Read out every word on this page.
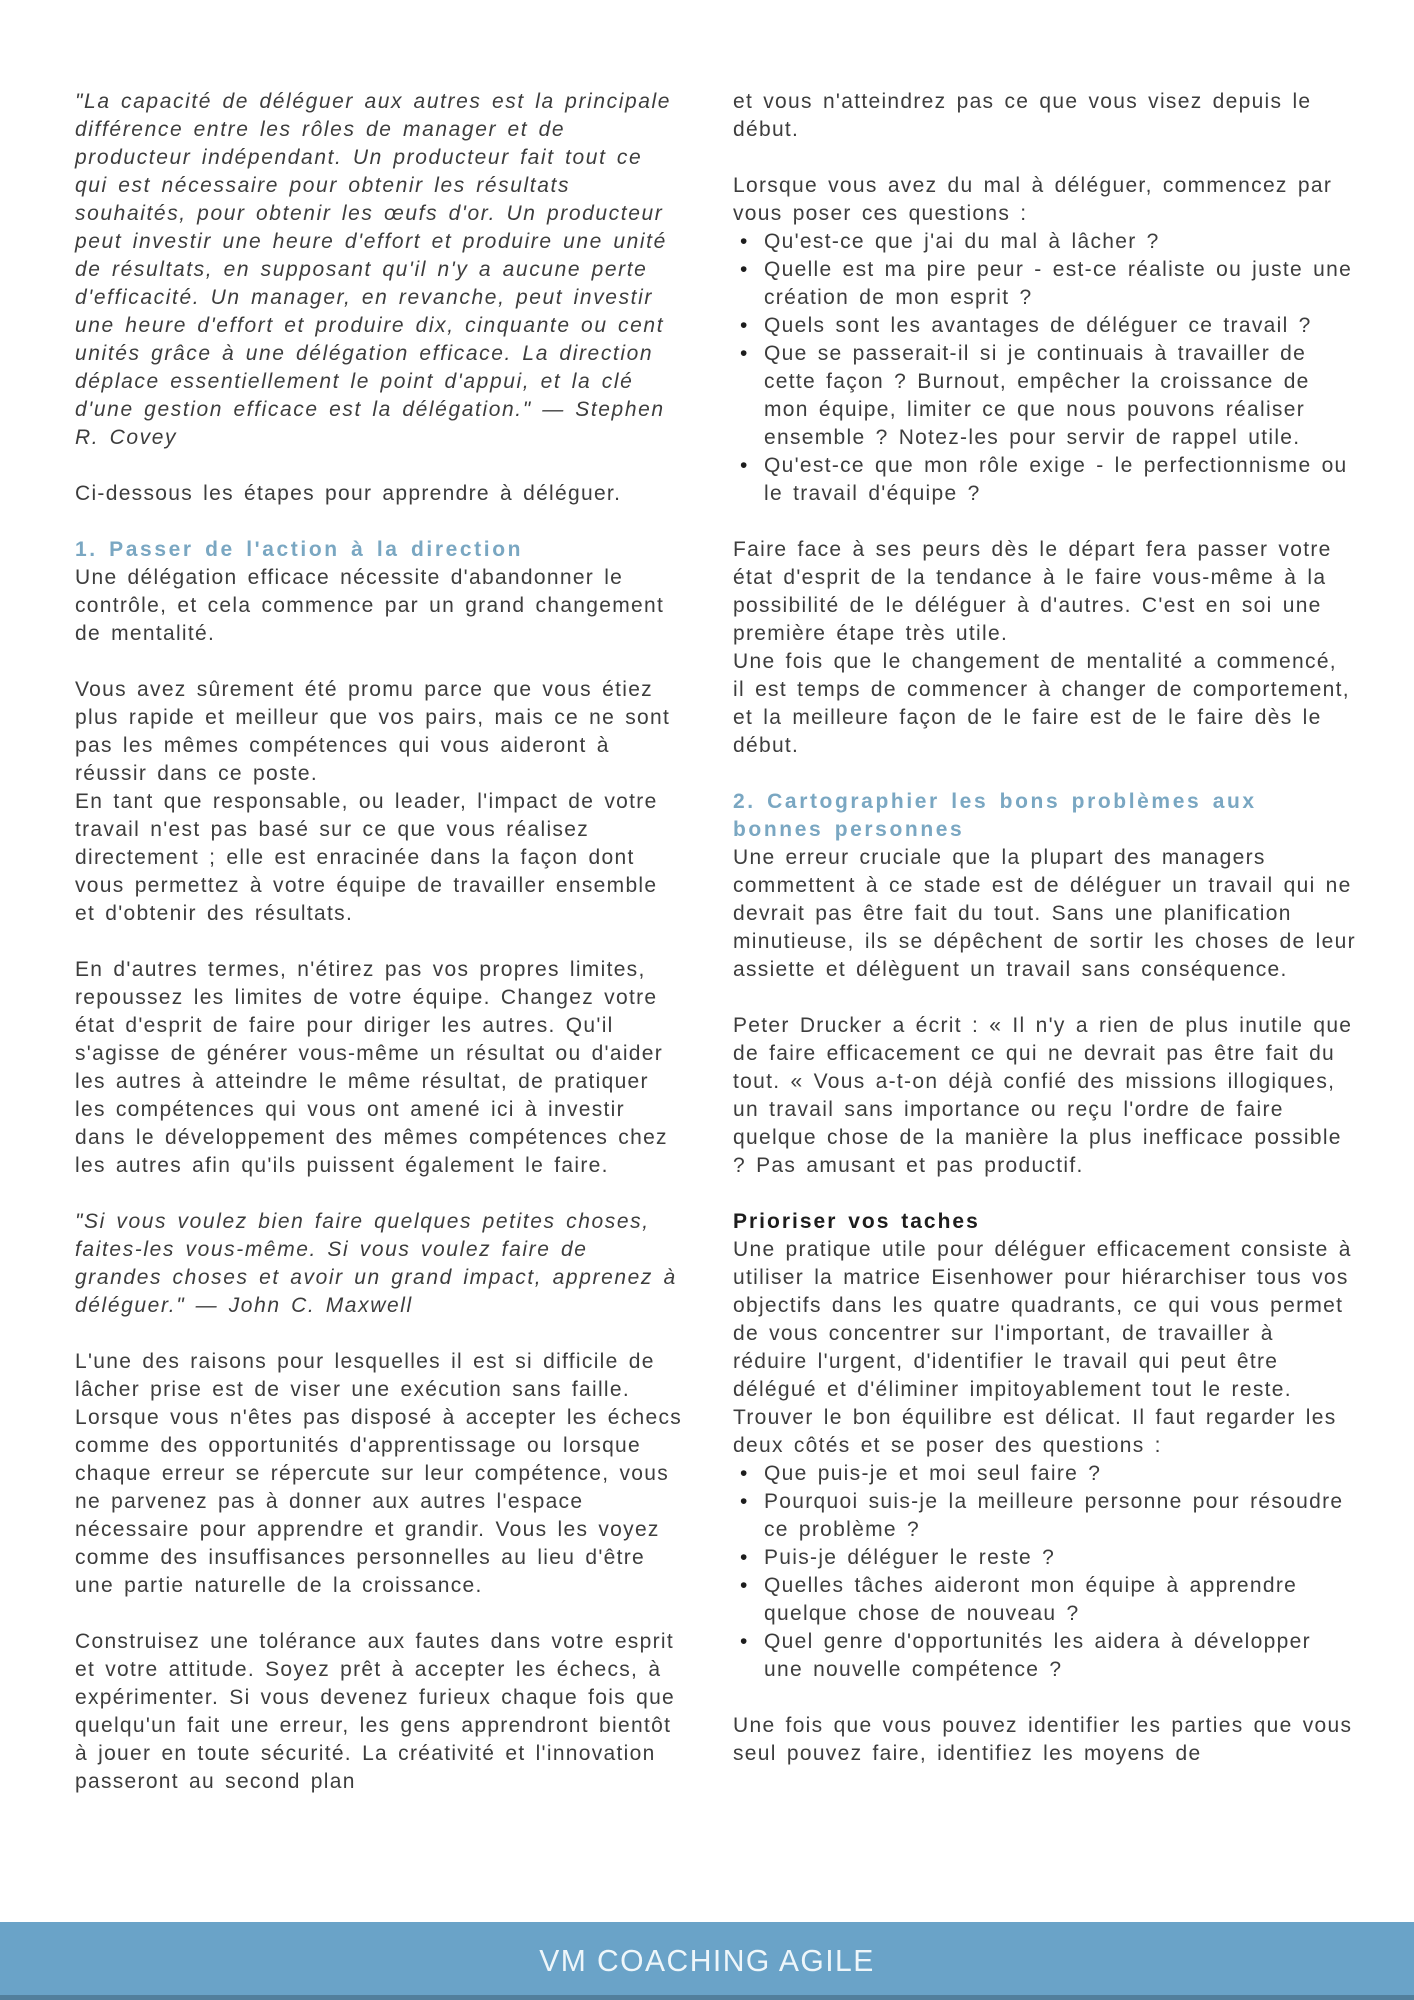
"La capacité de déléguer aux autres est la principale différence entre les rôles de manager et de producteur indépendant. Un producteur fait tout ce qui est nécessaire pour obtenir les résultats souhaités, pour obtenir les œufs d'or. Un producteur peut investir une heure d'effort et produire une unité de résultats, en supposant qu'il n'y a aucune perte d'efficacité. Un manager, en revanche, peut investir une heure d'effort et produire dix, cinquante ou cent unités grâce à une délégation efficace. La direction déplace essentiellement le point d'appui, et la clé d'une gestion efficace est la délégation." — Stephen R. Covey
Ci-dessous les étapes pour apprendre à déléguer.
1. Passer de l'action à la direction
Une délégation efficace nécessite d'abandonner le contrôle, et cela commence par un grand changement de mentalité.
Vous avez sûrement été promu parce que vous étiez plus rapide et meilleur que vos pairs, mais ce ne sont pas les mêmes compétences qui vous aideront à réussir dans ce poste.
En tant que responsable, ou leader, l'impact de votre travail n'est pas basé sur ce que vous réalisez directement ; elle est enracinée dans la façon dont vous permettez à votre équipe de travailler ensemble et d'obtenir des résultats.
En d'autres termes, n'étirez pas vos propres limites, repoussez les limites de votre équipe. Changez votre état d'esprit de faire pour diriger les autres. Qu'il s'agisse de générer vous-même un résultat ou d'aider les autres à atteindre le même résultat, de pratiquer les compétences qui vous ont amené ici à investir dans le développement des mêmes compétences chez les autres afin qu'ils puissent également le faire.
"Si vous voulez bien faire quelques petites choses, faites-les vous-même. Si vous voulez faire de grandes choses et avoir un grand impact, apprenez à déléguer." — John C. Maxwell
L'une des raisons pour lesquelles il est si difficile de lâcher prise est de viser une exécution sans faille. Lorsque vous n'êtes pas disposé à accepter les échecs comme des opportunités d'apprentissage ou lorsque chaque erreur se répercute sur leur compétence, vous ne parvenez pas à donner aux autres l'espace nécessaire pour apprendre et grandir. Vous les voyez comme des insuffisances personnelles au lieu d'être une partie naturelle de la croissance.
Construisez une tolérance aux fautes dans votre esprit et votre attitude. Soyez prêt à accepter les échecs, à expérimenter. Si vous devenez furieux chaque fois que quelqu'un fait une erreur, les gens apprendront bientôt à jouer en toute sécurité. La créativité et l'innovation passeront au second plan
et vous n'atteindrez pas ce que vous visez depuis le début.
Lorsque vous avez du mal à déléguer, commencez par vous poser ces questions :
• Qu'est-ce que j'ai du mal à lâcher ?
• Quelle est ma pire peur - est-ce réaliste ou juste une création de mon esprit ?
• Quels sont les avantages de déléguer ce travail ?
• Que se passerait-il si je continuais à travailler de cette façon ? Burnout, empêcher la croissance de mon équipe, limiter ce que nous pouvons réaliser ensemble ? Notez-les pour servir de rappel utile.
• Qu'est-ce que mon rôle exige - le perfectionnisme ou le travail d'équipe ?
Faire face à ses peurs dès le départ fera passer votre état d'esprit de la tendance à le faire vous-même à la possibilité de le déléguer à d'autres. C'est en soi une première étape très utile.
Une fois que le changement de mentalité a commencé, il est temps de commencer à changer de comportement, et la meilleure façon de le faire est de le faire dès le début.
2. Cartographier les bons problèmes aux bonnes personnes
Une erreur cruciale que la plupart des managers commettent à ce stade est de déléguer un travail qui ne devrait pas être fait du tout. Sans une planification minutieuse, ils se dépêchent de sortir les choses de leur assiette et délèguent un travail sans conséquence.
Peter Drucker a écrit : « Il n'y a rien de plus inutile que de faire efficacement ce qui ne devrait pas être fait du tout. « Vous a-t-on déjà confié des missions illogiques, un travail sans importance ou reçu l'ordre de faire quelque chose de la manière la plus inefficace possible ? Pas amusant et pas productif.
Prioriser vos taches
Une pratique utile pour déléguer efficacement consiste à utiliser la matrice Eisenhower pour hiérarchiser tous vos objectifs dans les quatre quadrants, ce qui vous permet de vous concentrer sur l'important, de travailler à réduire l'urgent, d'identifier le travail qui peut être délégué et d'éliminer impitoyablement tout le reste.
Trouver le bon équilibre est délicat. Il faut regarder les deux côtés et se poser des questions :
• Que puis-je et moi seul faire ?
• Pourquoi suis-je la meilleure personne pour résoudre ce problème ?
• Puis-je déléguer le reste ?
• Quelles tâches aideront mon équipe à apprendre quelque chose de nouveau ?
• Quel genre d'opportunités les aidera à développer une nouvelle compétence ?
Une fois que vous pouvez identifier les parties que vous seul pouvez faire, identifiez les moyens de
VM COACHING AGILE
